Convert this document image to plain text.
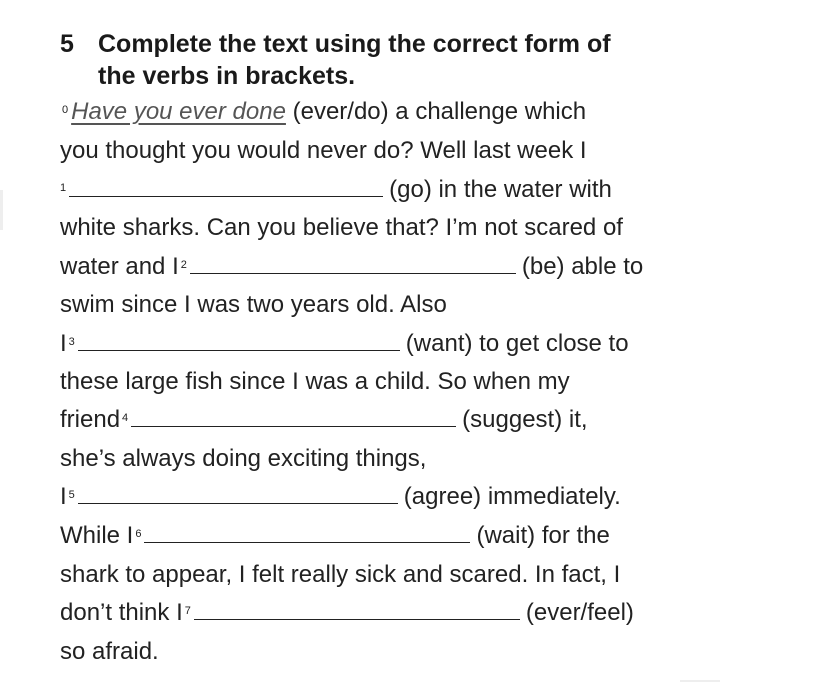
5 Complete the text using the correct form of
the verbs in brackets.
$^0$ Have you ever done (ever/do) a challenge which
you thought you would never do? Well last week I
$^1$	(go) in the water with
white sharks. Can you believe that? I’m not scared of
water and I $^2$	(be) able to
swim since I was two years old. Also
I $^3$	(want) to get close to
these large fish since I was a child. So when my
friend $^4$	(suggest) it,
she’s always doing exciting things,
I $^5$	(agree) immediately.
While I $^6$	(wait) for the
shark to appear, I felt really sick and scared. In fact, I
don’t think I $^7$	(ever/feel)
so afraid.
